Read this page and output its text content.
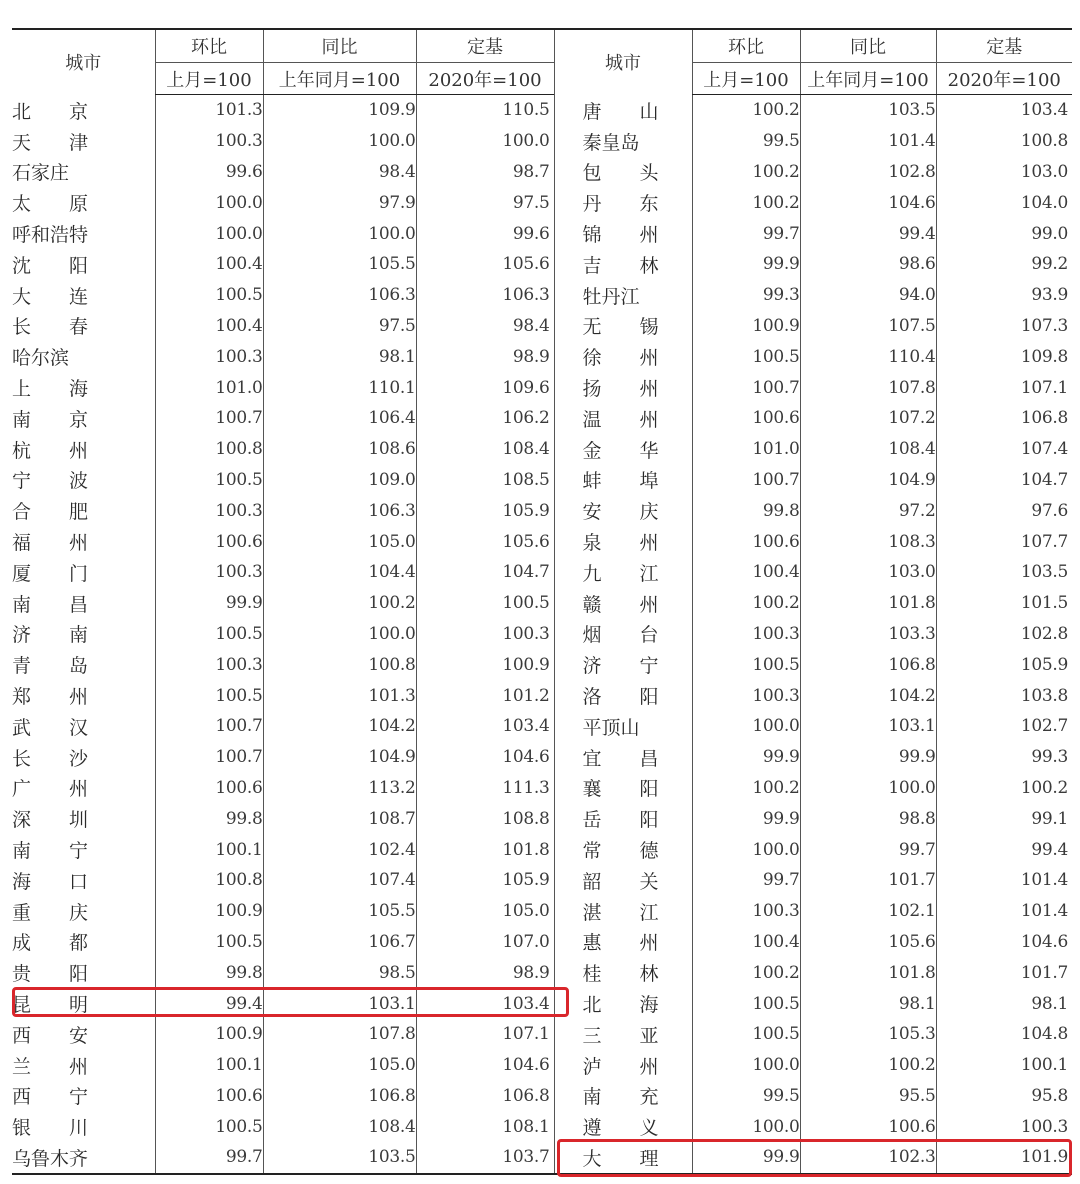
城市	环比	同比	定基	城市	环比	同比	定基
	上月=100	上年同月=100	2020年=100		上月=100	上年同月=100	2020年=100
北　　京	101.3	109.9	110.5	唐　　山	100.2	103.5	103.4
天　　津	100.3	100.0	100.0	秦皇岛	99.5	101.4	100.8
石家庄	99.6	98.4	98.7	包　　头	100.2	102.8	103.0
太　　原	100.0	97.9	97.5	丹　　东	100.2	104.6	104.0
呼和浩特	100.0	100.0	99.6	锦　　州	99.7	99.4	99.0
沈　　阳	100.4	105.5	105.6	吉　　林	99.9	98.6	99.2
大　　连	100.5	106.3	106.3	牡丹江	99.3	94.0	93.9
长　　春	100.4	97.5	98.4	无　　锡	100.9	107.5	107.3
哈尔滨	100.3	98.1	98.9	徐　　州	100.5	110.4	109.8
上　　海	101.0	110.1	109.6	扬　　州	100.7	107.8	107.1
南　　京	100.7	106.4	106.2	温　　州	100.6	107.2	106.8
杭　　州	100.8	108.6	108.4	金　　华	101.0	108.4	107.4
宁　　波	100.5	109.0	108.5	蚌　　埠	100.7	104.9	104.7
合　　肥	100.3	106.3	105.9	安　　庆	99.8	97.2	97.6
福　　州	100.6	105.0	105.6	泉　　州	100.6	108.3	107.7
厦　　门	100.3	104.4	104.7	九　　江	100.4	103.0	103.5
南　　昌	99.9	100.2	100.5	赣　　州	100.2	101.8	101.5
济　　南	100.5	100.0	100.3	烟　　台	100.3	103.3	102.8
青　　岛	100.3	100.8	100.9	济　　宁	100.5	106.8	105.9
郑　　州	100.5	101.3	101.2	洛　　阳	100.3	104.2	103.8
武　　汉	100.7	104.2	103.4	平顶山	100.0	103.1	102.7
长　　沙	100.7	104.9	104.6	宜　　昌	99.9	99.9	99.3
广　　州	100.6	113.2	111.3	襄　　阳	100.2	100.0	100.2
深　　圳	99.8	108.7	108.8	岳　　阳	99.9	98.8	99.1
南　　宁	100.1	102.4	101.8	常　　德	100.0	99.7	99.4
海　　口	100.8	107.4	105.9	韶　　关	99.7	101.7	101.4
重　　庆	100.9	105.5	105.0	湛　　江	100.3	102.1	101.4
成　　都	100.5	106.7	107.0	惠　　州	100.4	105.6	104.6
贵　　阳	99.8	98.5	98.9	桂　　林	100.2	101.8	101.7
昆　　明	99.4	103.1	103.4	北　　海	100.5	98.1	98.1
西　　安	100.9	107.8	107.1	三　　亚	100.5	105.3	104.8
兰　　州	100.1	105.0	104.6	泸　　州	100.0	100.2	100.1
西　　宁	100.6	106.8	106.8	南　　充	99.5	95.5	95.8
银　　川	100.5	108.4	108.1	遵　　义	100.0	100.6	100.3
乌鲁木齐	99.7	103.5	103.7	大　　理	99.9	102.3	101.9
